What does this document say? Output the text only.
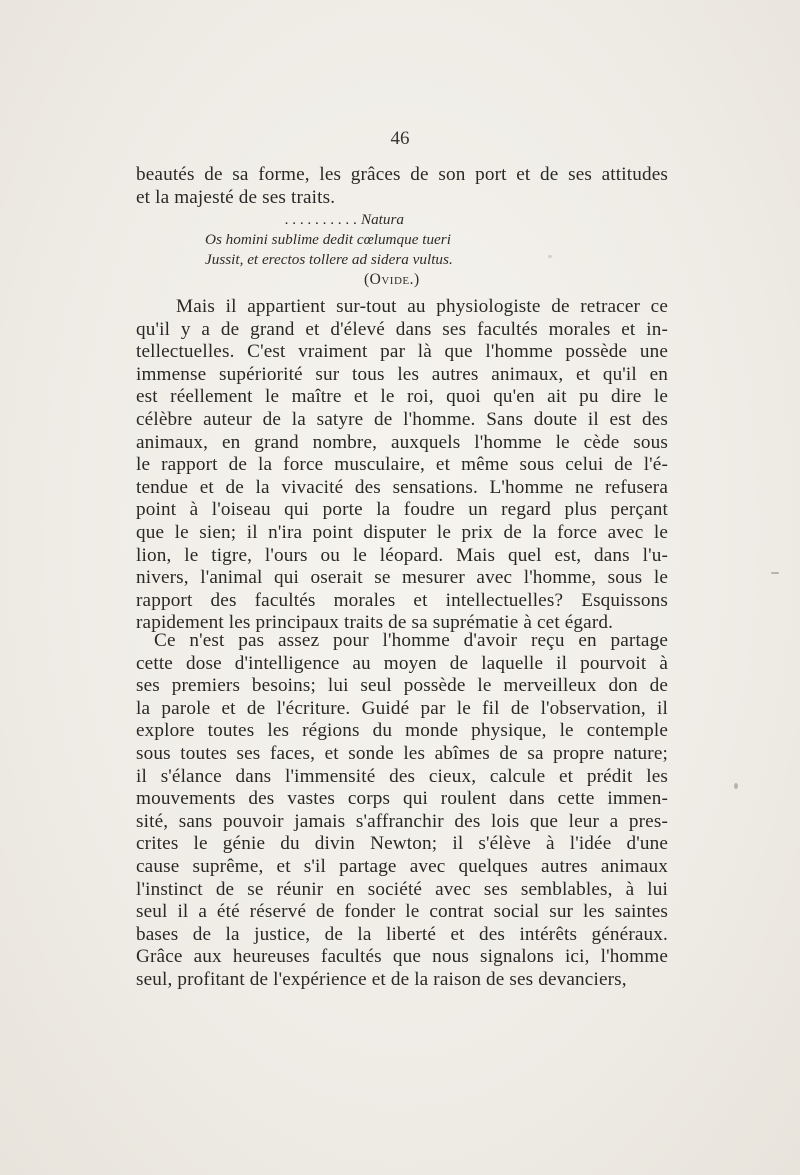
46
beautés de sa forme, les grâces de son port et de ses attitudes
et la majesté de ses traits.
. . . . . . . . . . Natura
Os homini sublime dedit cœlumque tueri
Jussit, et erectos tollere ad sidera vultus.
(Ovide.)
Mais il appartient sur-tout au physiologiste de retracer ce
qu'il y a de grand et d'élevé dans ses facultés morales et in-
tellectuelles. C'est vraiment par là que l'homme possède une
immense supériorité sur tous les autres animaux, et qu'il en
est réellement le maître et le roi, quoi qu'en ait pu dire le
célèbre auteur de la satyre de l'homme. Sans doute il est des
animaux, en grand nombre, auxquels l'homme le cède sous
le rapport de la force musculaire, et même sous celui de l'é-
tendue et de la vivacité des sensations. L'homme ne refusera
point à l'oiseau qui porte la foudre un regard plus perçant
que le sien; il n'ira point disputer le prix de la force avec le
lion, le tigre, l'ours ou le léopard. Mais quel est, dans l'u-
nivers, l'animal qui oserait se mesurer avec l'homme, sous le
rapport des facultés morales et intellectuelles? Esquissons
rapidement les principaux traits de sa suprématie à cet égard.
Ce n'est pas assez pour l'homme d'avoir reçu en partage
cette dose d'intelligence au moyen de laquelle il pourvoit à
ses premiers besoins; lui seul possède le merveilleux don de
la parole et de l'écriture. Guidé par le fil de l'observation, il
explore toutes les régions du monde physique, le contemple
sous toutes ses faces, et sonde les abîmes de sa propre nature;
il s'élance dans l'immensité des cieux, calcule et prédit les
mouvements des vastes corps qui roulent dans cette immen-
sité, sans pouvoir jamais s'affranchir des lois que leur a pres-
crites le génie du divin Newton; il s'élève à l'idée d'une
cause suprême, et s'il partage avec quelques autres animaux
l'instinct de se réunir en société avec ses semblables, à lui
seul il a été réservé de fonder le contrat social sur les saintes
bases de la justice, de la liberté et des intérêts généraux.
Grâce aux heureuses facultés que nous signalons ici, l'homme
seul, profitant de l'expérience et de la raison de ses devanciers,
